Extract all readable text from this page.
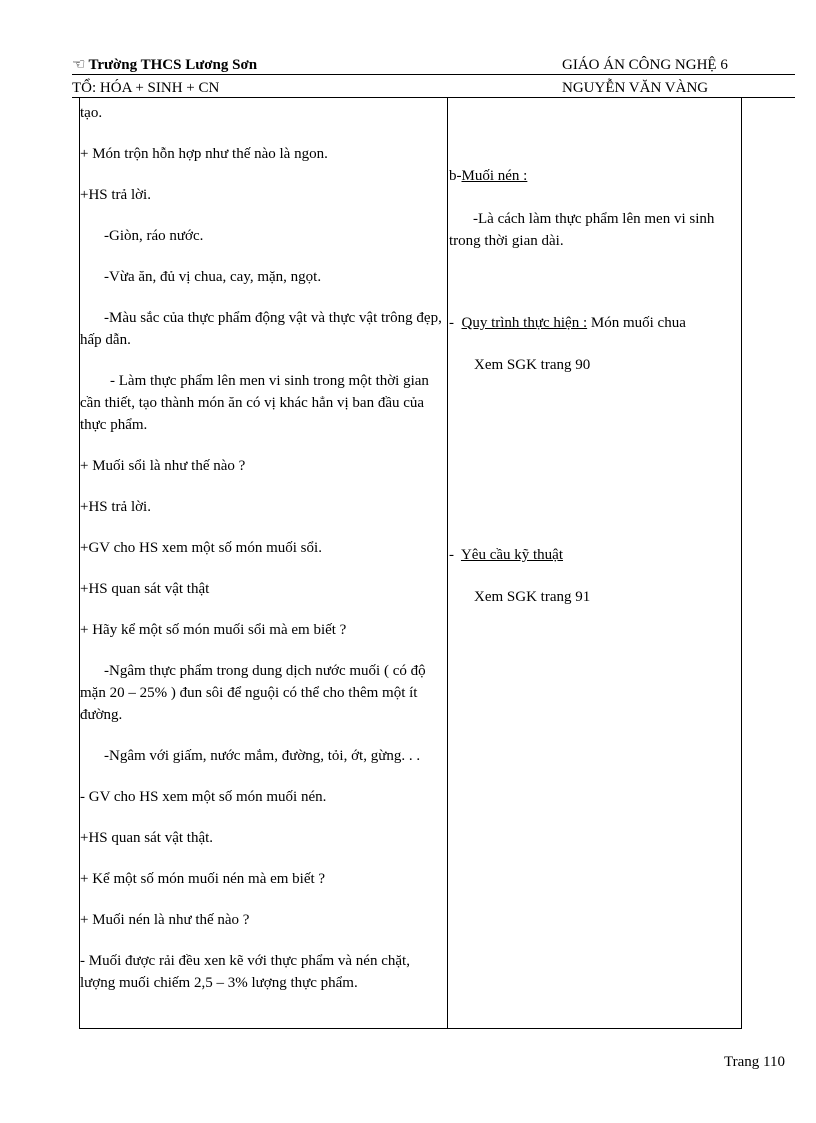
☜ Trường THCS Lương Sơn	GIÁO ÁN CÔNG NGHỆ 6
TỔ: HÓA + SINH + CN	NGUYỄN VĂN VÀNG

tạo.

+ Món trộn hỗn hợp như thế nào là ngon.

+HS trả lời.

-Giòn, ráo nước.

-Vừa ăn, đủ vị chua, cay, mặn, ngọt.

-Màu sắc của thực phẩm động vật và thực vật trông đẹp, hấp dẫn.

- Làm thực phẩm lên men vi sinh trong một thời gian cần thiết, tạo thành món ăn có vị khác hẳn vị ban đầu của thực phẩm.

+ Muối sổi là như thế nào ?

+HS trả lời.

+GV cho HS xem một số món muối sổi.

+HS quan sát vật thật

+ Hãy kể một số món muối sổi mà em biết ?

-Ngâm thực phẩm trong dung dịch nước muối ( có độ mặn 20 – 25% ) đun sôi để nguội có thể cho thêm một ít đường.

-Ngâm với giấm, nước mắm, đường, tỏi, ớt, gừng. . .

- GV cho HS xem một số món muối nén.

+HS quan sát vật thật.

+ Kể một số món muối nén mà em biết ?

+ Muối nén là như thế nào ?

- Muối được rải đều xen kẽ với thực phẩm và nén chặt, lượng muối chiếm 2,5 – 3% lượng thực phẩm.

b-Muối nén :

-Là cách làm thực phẩm lên men vi sinh trong thời gian dài.

-  Quy trình thực hiện : Món muối chua

Xem SGK trang 90

-  Yêu cầu kỹ thuật

Xem SGK trang 91

Trang 110
